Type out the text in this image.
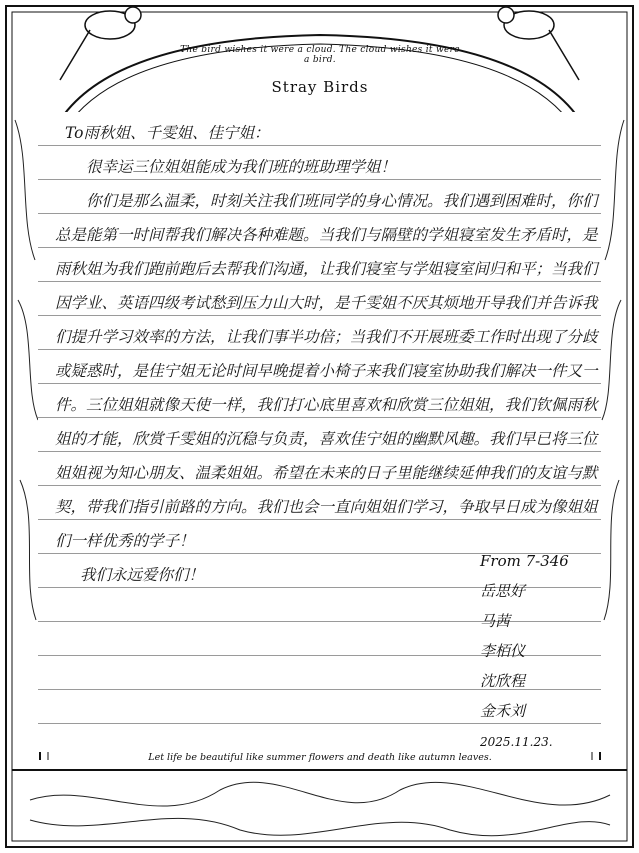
The bird wishes it were a cloud. The cloud wishes it were a bird.
Stray Birds

To雨秋姐、千雯姐、佳宁姐：

很幸运三位姐姐能成为我们班的班助理学姐！

你们是那么温柔，时刻关注我们班同学的身心情况。我们遇到困难时，你们总是能第一时间帮我们解决各种难题。当我们与隔壁的学姐寝室发生矛盾时，是雨秋姐为我们跑前跑后去帮我们沟通，让我们寝室与学姐寝室间归和平；当我们因学业、英语四级考试愁到压力山大时，是千雯姐不厌其烦地开导我们并告诉我们提升学习效率的方法，让我们事半功倍；当我们不开展班委工作时出现了分歧或疑惑时，是佳宁姐无论时间早晚提着小椅子来我们寝室协助我们解决一件又一件。三位姐姐就像天使一样，我们打心底里喜欢和欣赏三位姐姐，我们钦佩雨秋姐的才能，欣赏千雯姐的沉稳与负责，喜欢佳宁姐的幽默风趣。我们早已将三位姐姐视为知心朋友、温柔姐姐。希望在未来的日子里能继续延伸我们的友谊与默契，带我们指引前路的方向。我们也会一直向姐姐们学习，争取早日成为像姐姐们一样优秀的学子！

我们永远爱你们！

From 7-346
岳思好
马茜
李栢仪
沈欣程
金禾刘
2025.11.23.
Let life be beautiful like summer flowers and death like autumn leaves.
